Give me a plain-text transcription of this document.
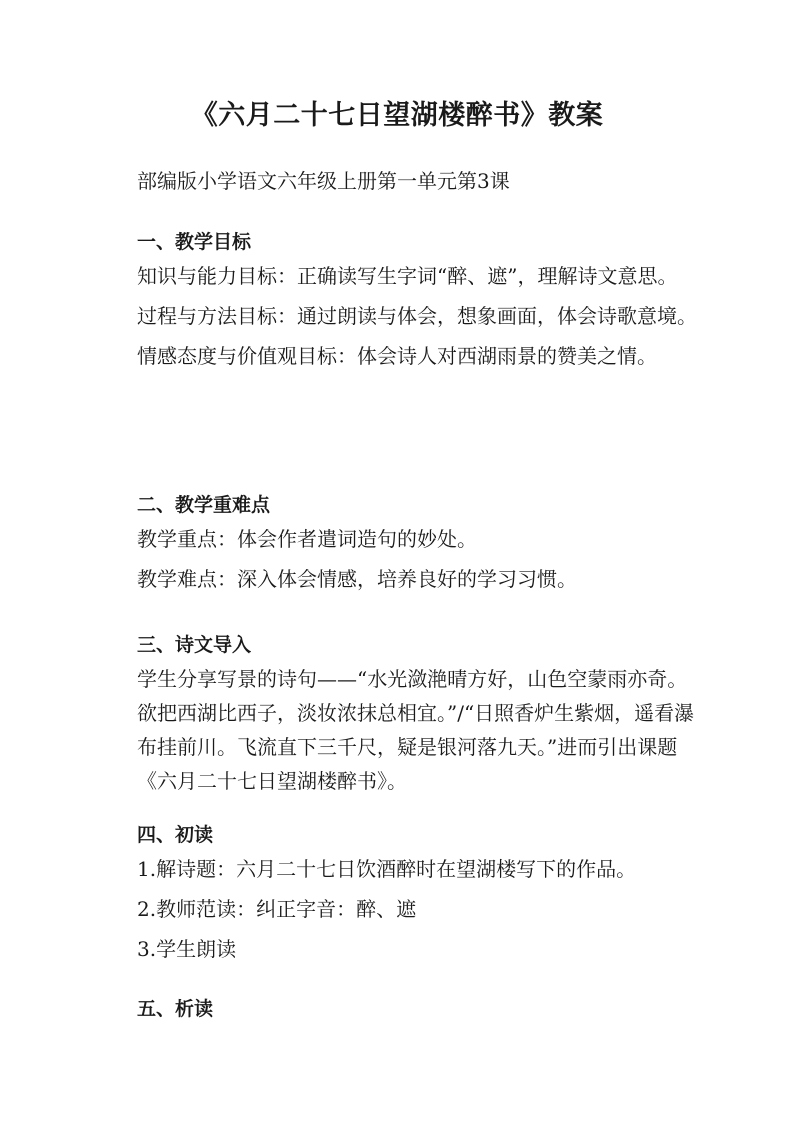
《六月二十七日望湖楼醉书》教案

部编版小学语文六年级上册第一单元第3课

一、教学目标

知识与能力目标：正确读写生字词“醉、遮”，理解诗文意思。

过程与方法目标：通过朗读与体会，想象画面，体会诗歌意境。

情感态度与价值观目标：体会诗人对西湖雨景的赞美之情。

二、教学重难点

教学重点：体会作者遣词造句的妙处。

教学难点：深入体会情感，培养良好的学习习惯。

三、诗文导入

学生分享写景的诗句——“水光潋滟晴方好，山色空蒙雨亦奇。欲把西湖比西子，淡妆浓抹总相宜。”/“日照香炉生紫烟，遥看瀑布挂前川。飞流直下三千尺，疑是银河落九天。”进而引出课题《六月二十七日望湖楼醉书》。

四、初读

1.解诗题：六月二十七日饮酒醉时在望湖楼写下的作品。

2.教师范读：纠正字音：醉、遮

3.学生朗读

五、析读
